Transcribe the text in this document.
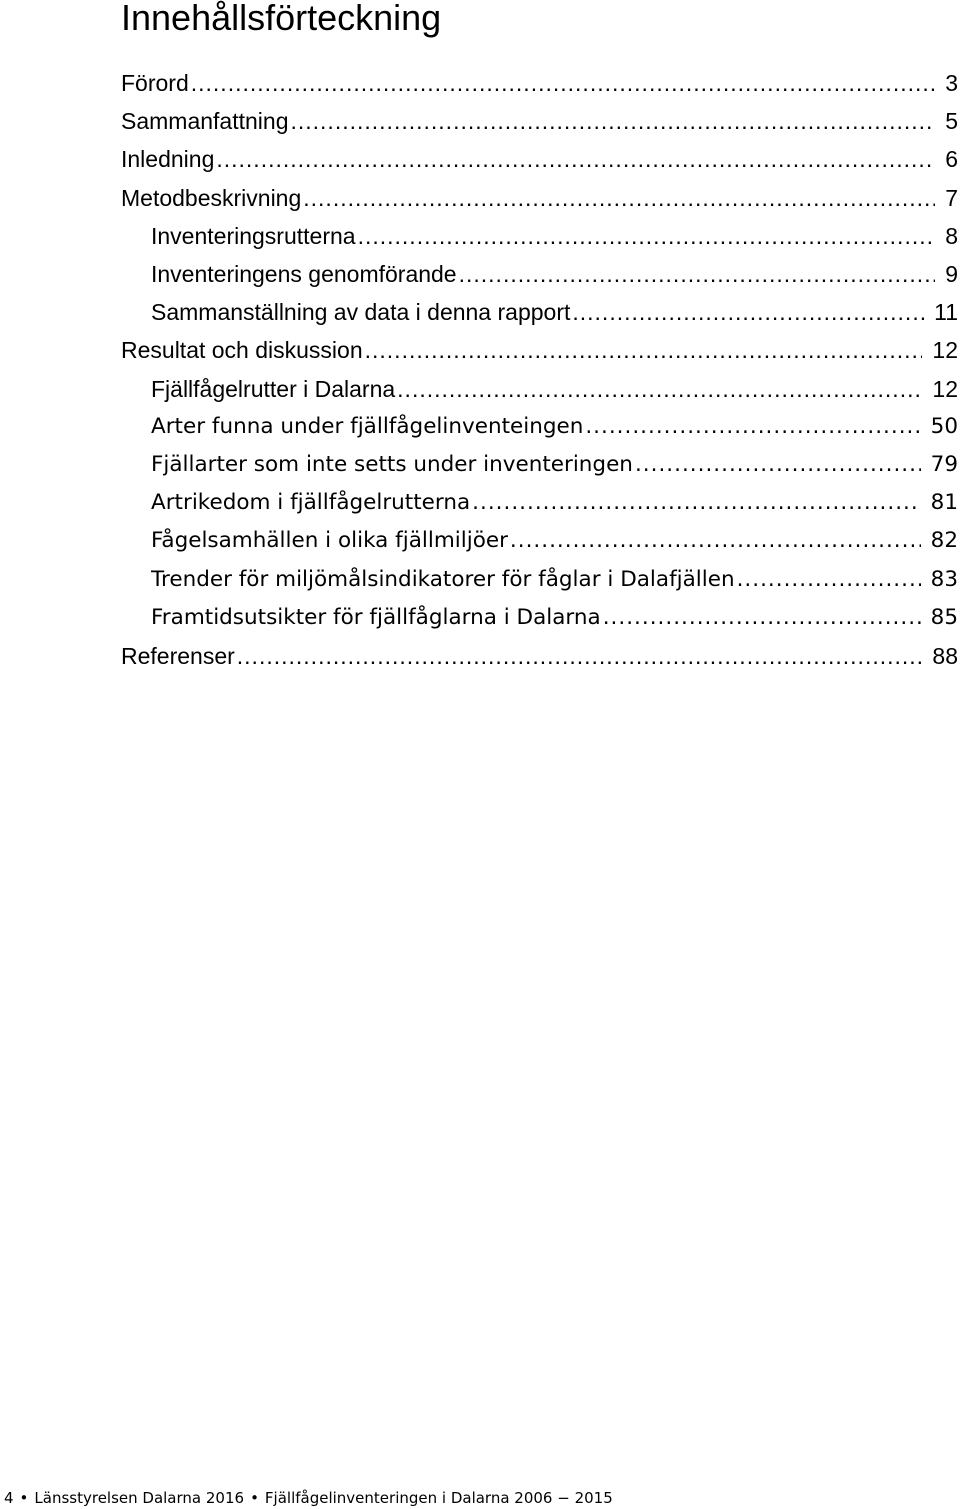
Innehållsförteckning
Förord .....	3
Sammanfattning .....	5
Inledning .....	6
Metodbeskrivning .....	7
Inventeringsrutterna .....	8
Inventeringens genomförande .....	9
Sammanställning av data i denna rapport .....	11
Resultat och diskussion .....	12
Fjällfågelrutter i Dalarna .....	12
Arter funna under fjällfågelinventeingen .....	50
Fjällarter som inte setts under inventeringen .....	79
Artrikedom i fjällfågelrutterna .....	81
Fågelsamhällen i olika fjällmiljöer .....	82
Trender för miljömålsindikatorer för fåglar i Dalafjällen .....	83
Framtidsutsikter för fjällfåglarna i Dalarna .....	85
Referenser .....	88
4 • Länsstyrelsen Dalarna 2016 • Fjällfågelinventeringen i Dalarna 2006 − 2015
